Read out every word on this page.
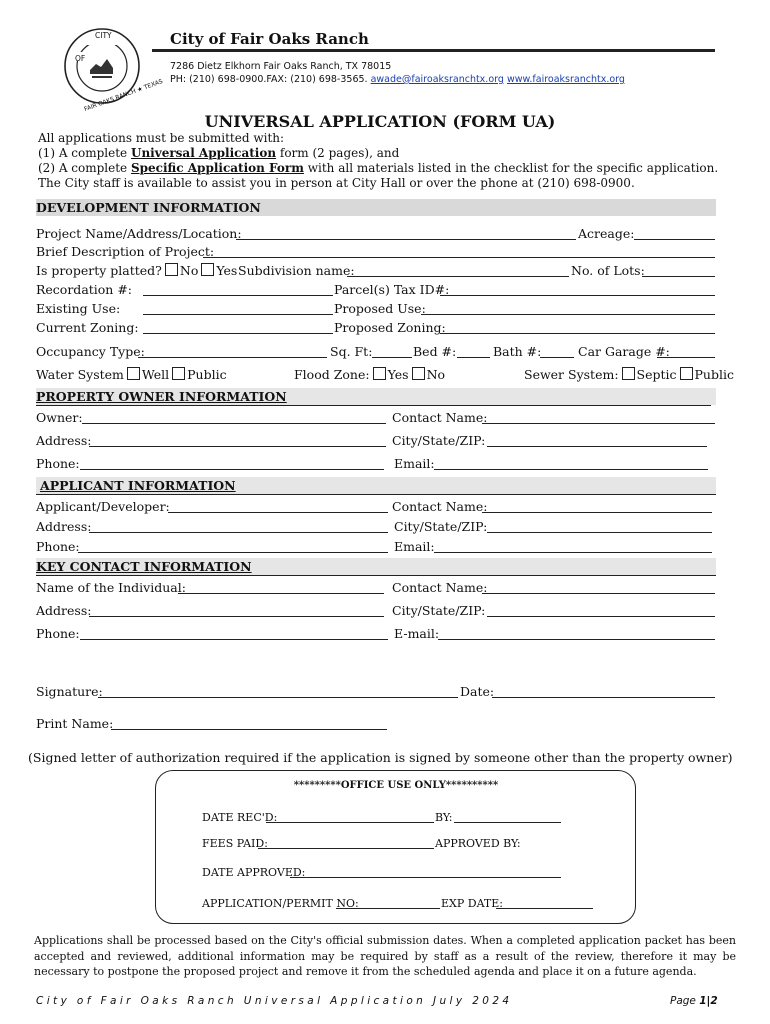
CITY
OF
FAIR OAKS RANCH ★ TEXAS
City of Fair Oaks Ranch
7286 Dietz Elkhorn Fair Oaks Ranch, TX 78015
PH: (210) 698-0900.FAX: (210) 698-3565. awade@fairoaksranchtx.org www.fairoaksranchtx.org
UNIVERSAL APPLICATION (FORM UA)
All applications must be submitted with:
(1) A complete Universal Application form (2 pages), and
(2) A complete Specific Application Form with all materials listed in the checklist for the specific application.
The City staff is available to assist you in person at City Hall or over the phone at (210) 698-0900.
DEVELOPMENT INFORMATION
Project Name/Address/Location:	Acreage:
Brief Description of Project:
Is property platted? No Yes Subdivision name:	No. of Lots:
Recordation #:	Parcel(s) Tax ID#:
Existing Use:	Proposed Use:
Current Zoning:	Proposed Zoning:
Occupancy Type:	Sq. Ft:	Bed #:	Bath #:	Car Garage #:
Water System Well Public	Flood Zone: Yes No	Sewer System: Septic Public
PROPERTY OWNER INFORMATION
Owner:	Contact Name:
Address:	City/State/ZIP:
Phone:	Email:
APPLICANT INFORMATION
Applicant/Developer:	Contact Name:
Address:	City/State/ZIP:
Phone:	Email:
KEY CONTACT INFORMATION
Name of the Individual:	Contact Name:
Address:	City/State/ZIP:
Phone:	E-mail:
Signature:	Date:
Print Name:
(Signed letter of authorization required if the application is signed by someone other than the property owner)
*********OFFICE USE ONLY**********
DATE REC'D:	BY:
FEES PAID:	APPROVED BY:
DATE APPROVED:
APPLICATION/PERMIT NO:	EXP DATE:
Applications shall be processed based on the City's official submission dates. When a completed application packet has been accepted and reviewed, additional information may be required by staff as a result of the review, therefore it may be necessary to postpone the proposed project and remove it from the scheduled agenda and place it on a future agenda.
City of Fair Oaks Ranch Universal Application July 2024	Page 1|2
